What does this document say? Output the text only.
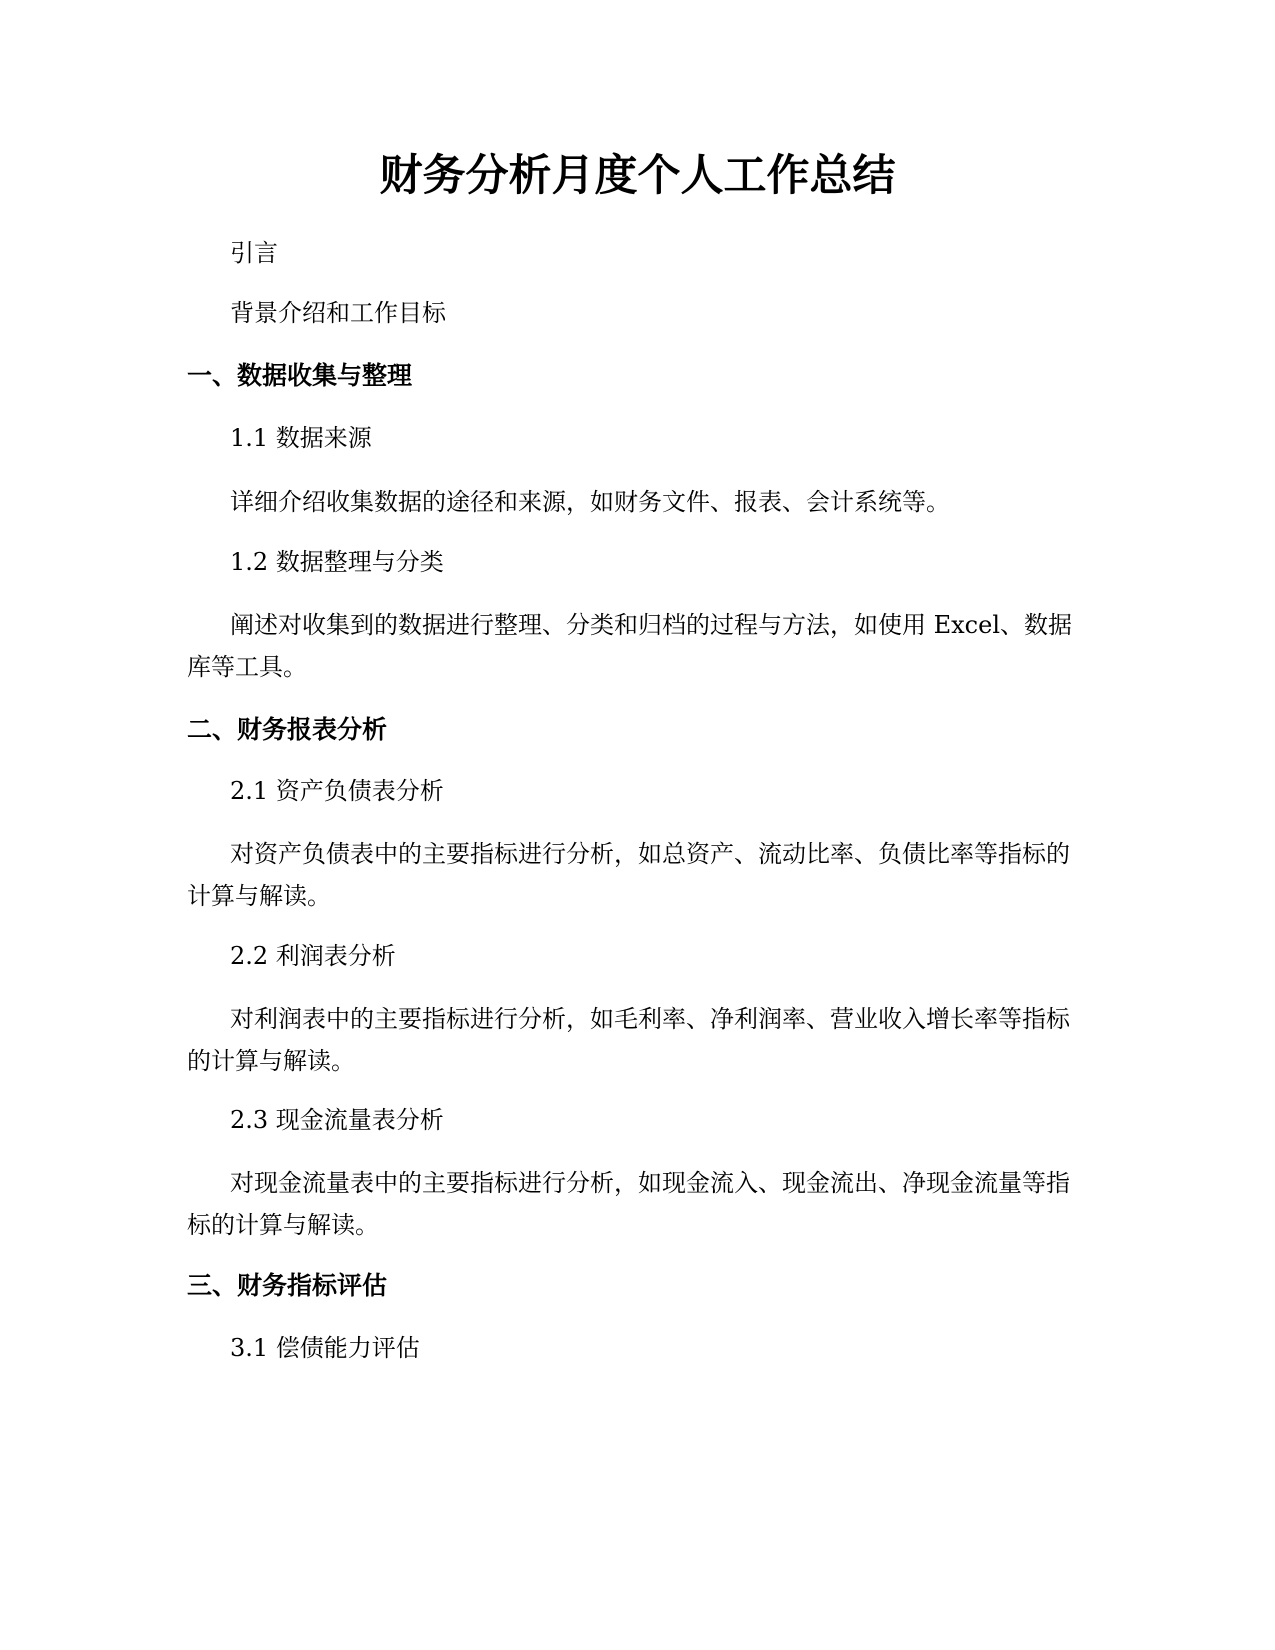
财务分析月度个人工作总结

引言

背景介绍和工作目标

一、数据收集与整理

1.1 数据来源

详细介绍收集数据的途径和来源，如财务文件、报表、会计系统等。

1.2 数据整理与分类

阐述对收集到的数据进行整理、分类和归档的过程与方法，如使用 Excel、数据库等工具。

二、财务报表分析

2.1 资产负债表分析

对资产负债表中的主要指标进行分析，如总资产、流动比率、负债比率等指标的计算与解读。

2.2 利润表分析

对利润表中的主要指标进行分析，如毛利率、净利润率、营业收入增长率等指标的计算与解读。

2.3 现金流量表分析

对现金流量表中的主要指标进行分析，如现金流入、现金流出、净现金流量等指标的计算与解读。

三、财务指标评估

3.1 偿债能力评估
